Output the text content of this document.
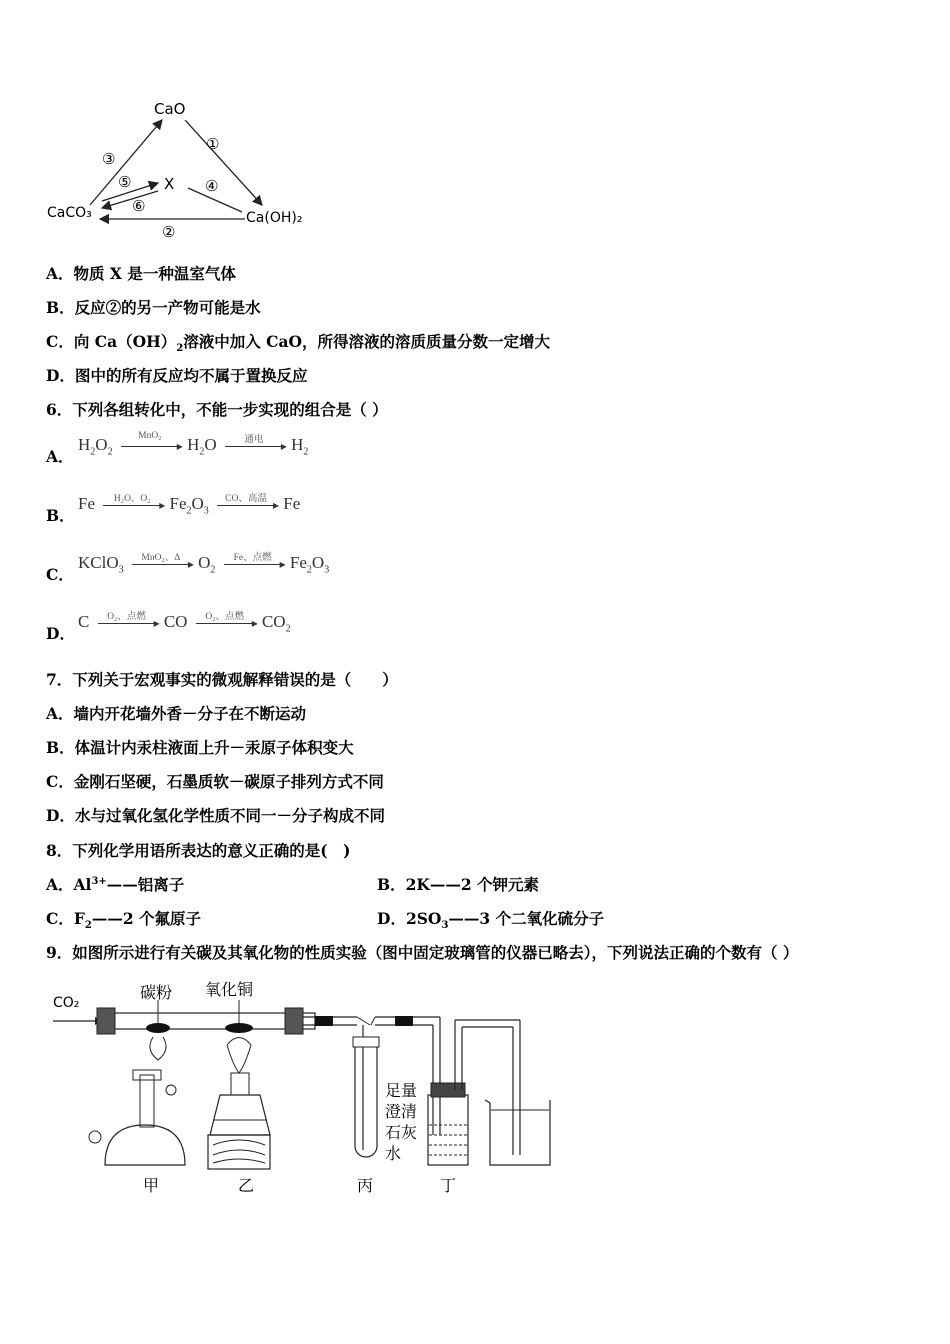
CaO
X
CaCO₃	Ca(OH)₂
①
②
③
④
⑤
⑥
A．物质 X 是一种温室气体
B．反应②的另一产物可能是水
C．向 $Ca(OH)_2$溶液中加入 CaO，所得溶液的溶质质量分数一定增大
D．图中的所有反应均不属于置换反应
6．下列各组转化中，不能一步实现的组合是（ ）
A．
$H_2O_2$
MnO₂
▸ $H_2O$	通电	▸ $H_2$
B．
Fe	H₂O、O₂ ▸ $Fe_2O_3$
CO、高温 ▸ Fe
C．
KClO$_3$
MnO₂、Δ ▸ $O_2$
Fe、点燃 ▸ $Fe_2O_3$
D．
C	O₂、点燃 ▸ CO	O₂、点燃 ▸ $CO_2$
7．下列关于宏观事实的微观解释错误的是（　　）
A．墙内开花墙外香－分子在不断运动
B．体温计内汞柱液面上升－汞原子体积变大
C．金刚石坚硬，石墨质软－碳原子排列方式不同
D．水与过氧化氢化学性质不同一－分子构成不同
8．下列化学用语所表达的意义正确的是(　)
A．$Al^{3+}——$铝离子	B．2K——2 个钾元素
C．$F_2——2$ 个氟原子	D．$2SO_3——3$ 个二氧化硫分子
9．如图所示进行有关碳及其氧化物的性质实验（图中固定玻璃管的仪器已略去），下列说法正确的个数有（ ）
CO₂
碳粉 氧化铜
足量
澄清
石灰
水
甲	乙	丙	丁
